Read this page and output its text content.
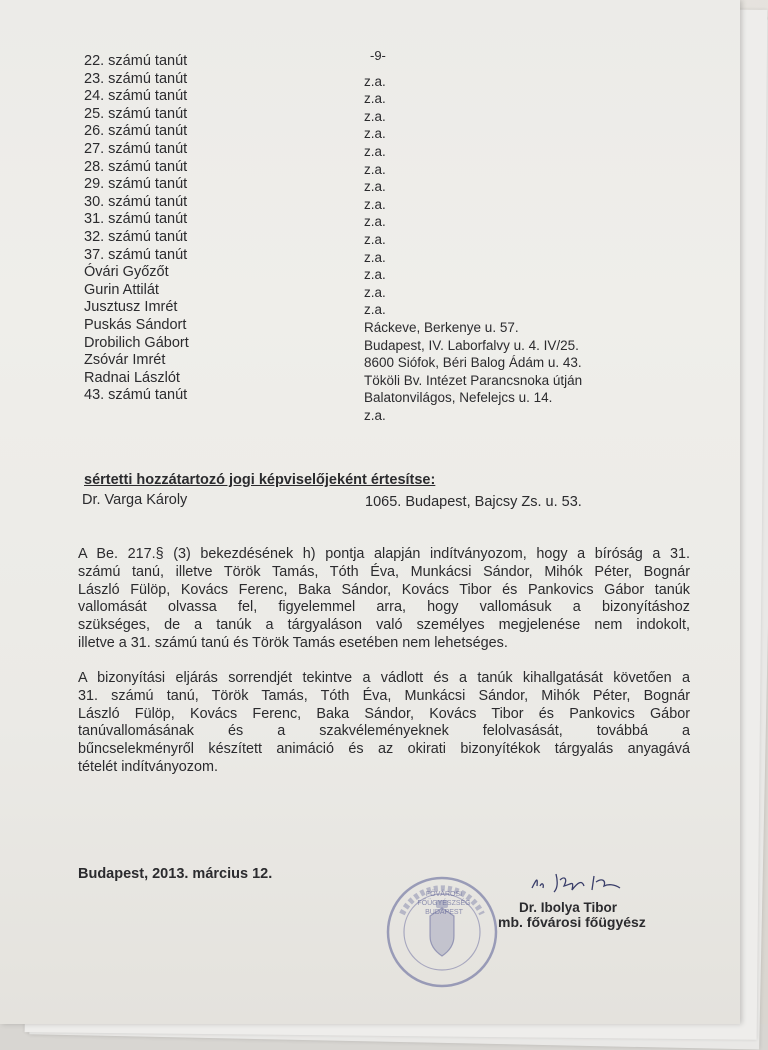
-9-
22. számú tanút
23. számú tanút	z.a.
24. számú tanút	z.a.
25. számú tanút	z.a.
26. számú tanút	z.a.
27. számú tanút	z.a.
28. számú tanút	z.a.
29. számú tanút	z.a.
30. számú tanút	z.a.
31. számú tanút	z.a.
32. számú tanút	z.a.
37. számú tanút	z.a.
Óvári Győzőt	z.a.
Gurin Attilát	z.a.
Jusztusz Imrét	z.a.
Puskás Sándort	Ráckeve, Berkenye u. 57.
Drobilich Gábort	Budapest, IV. Laborfalvy u. 4. IV/25.
Zsóvár Imrét	8600 Siófok, Béri Balog Ádám u. 43.
Radnai Lászlót	Tököli Bv. Intézet Parancsnoka útján
43. számú tanút	Balatonvilágos, Nefelejcs u. 14.
z.a.
sértetti hozzátartozó jogi képviselőjeként értesítse:
Dr. Varga Károly	1065. Budapest, Bajcsy Zs. u. 53.
A Be. 217.§ (3) bekezdésének h) pontja alapján indítványozom, hogy a bíróság a 31.
számú tanú, illetve Török Tamás, Tóth Éva, Munkácsi Sándor, Mihók Péter, Bognár
László Fülöp, Kovács Ferenc, Baka Sándor, Kovács Tibor és Pankovics Gábor tanúk
vallomását olvassa fel, figyelemmel arra, hogy vallomásuk a bizonyításhoz
szükséges, de a tanúk a tárgyaláson való személyes megjelenése nem indokolt,
illetve a 31. számú tanú és Török Tamás esetében nem lehetséges.
A bizonyítási eljárás sorrendjét tekintve a vádlott és a tanúk kihallgatását követően a
31. számú tanú, Török Tamás, Tóth Éva, Munkácsi Sándor, Mihók Péter, Bognár
László Fülöp, Kovács Ferenc, Baka Sándor, Kovács Tibor és Pankovics Gábor
tanúvallomásának és a szakvéleményeknek felolvasását, továbbá a
bűncselekményről készített animáció és az okirati bizonyítékok tárgyalás anyagává
tételét indítványozom.
Budapest, 2013. március 12.
FŐVÁROSI FŐÜGYÉSZSÉG BUDAPEST	Dr. Ibolya Tibor
mb. fővárosi főügyész
